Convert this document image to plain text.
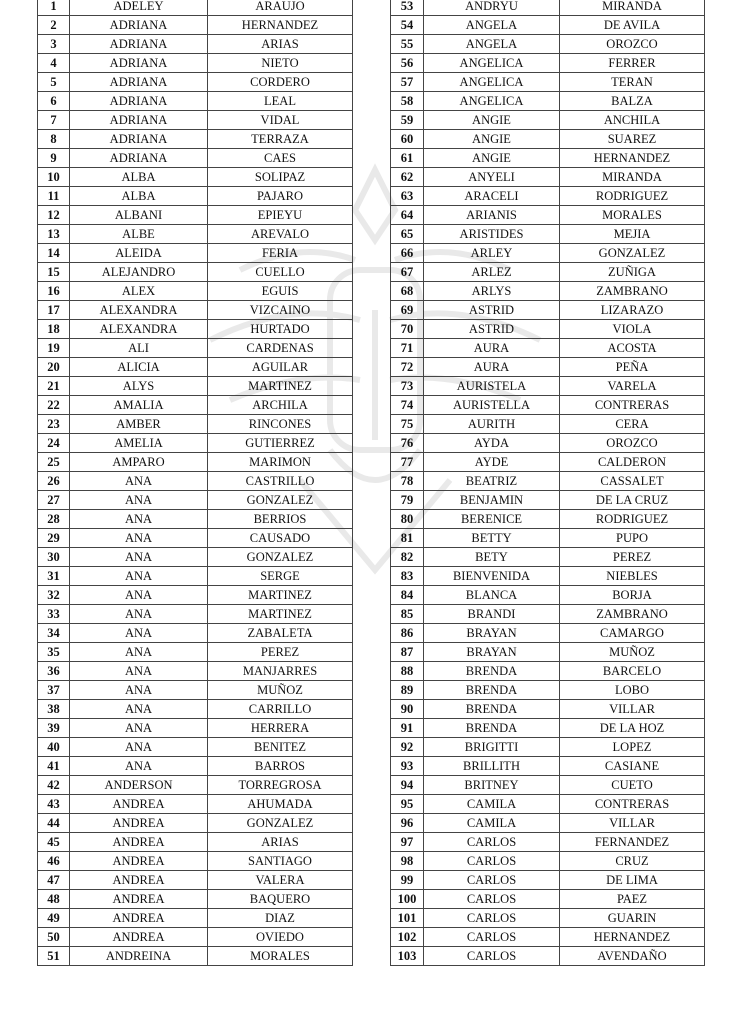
1	ADELEY	ARAUJO
2	ADRIANA	HERNANDEZ
3	ADRIANA	ARIAS
4	ADRIANA	NIETO
5	ADRIANA	CORDERO
6	ADRIANA	LEAL
7	ADRIANA	VIDAL
8	ADRIANA	TERRAZA
9	ADRIANA	CAES
10	ALBA	SOLIPAZ
11	ALBA	PAJARO
12	ALBANI	EPIEYU
13	ALBE	AREVALO
14	ALEIDA	FERIA
15	ALEJANDRO	CUELLO
16	ALEX	EGUIS
17	ALEXANDRA	VIZCAINO
18	ALEXANDRA	HURTADO
19	ALI	CARDENAS
20	ALICIA	AGUILAR
21	ALYS	MARTINEZ
22	AMALIA	ARCHILA
23	AMBER	RINCONES
24	AMELIA	GUTIERREZ
25	AMPARO	MARIMON
26	ANA	CASTRILLO
27	ANA	GONZALEZ
28	ANA	BERRIOS
29	ANA	CAUSADO
30	ANA	GONZALEZ
31	ANA	SERGE
32	ANA	MARTINEZ
33	ANA	MARTINEZ
34	ANA	ZABALETA
35	ANA	PEREZ
36	ANA	MANJARRES
37	ANA	MUÑOZ
38	ANA	CARRILLO
39	ANA	HERRERA
40	ANA	BENITEZ
41	ANA	BARROS
42	ANDERSON	TORREGROSA
43	ANDREA	AHUMADA
44	ANDREA	GONZALEZ
45	ANDREA	ARIAS
46	ANDREA	SANTIAGO
47	ANDREA	VALERA
48	ANDREA	BAQUERO
49	ANDREA	DIAZ
50	ANDREA	OVIEDO
51	ANDREINA	MORALES
53	ANDRYU	MIRANDA
54	ANGELA	DE AVILA
55	ANGELA	OROZCO
56	ANGELICA	FERRER
57	ANGELICA	TERAN
58	ANGELICA	BALZA
59	ANGIE	ANCHILA
60	ANGIE	SUAREZ
61	ANGIE	HERNANDEZ
62	ANYELI	MIRANDA
63	ARACELI	RODRIGUEZ
64	ARIANIS	MORALES
65	ARISTIDES	MEJIA
66	ARLEY	GONZALEZ
67	ARLEZ	ZUÑIGA
68	ARLYS	ZAMBRANO
69	ASTRID	LIZARAZO
70	ASTRID	VIOLA
71	AURA	ACOSTA
72	AURA	PEÑA
73	AURISTELA	VARELA
74	AURISTELLA	CONTRERAS
75	AURITH	CERA
76	AYDA	OROZCO
77	AYDE	CALDERON
78	BEATRIZ	CASSALET
79	BENJAMIN	DE LA CRUZ
80	BERENICE	RODRIGUEZ
81	BETTY	PUPO
82	BETY	PEREZ
83	BIENVENIDA	NIEBLES
84	BLANCA	BORJA
85	BRANDI	ZAMBRANO
86	BRAYAN	CAMARGO
87	BRAYAN	MUÑOZ
88	BRENDA	BARCELO
89	BRENDA	LOBO
90	BRENDA	VILLAR
91	BRENDA	DE LA HOZ
92	BRIGITTI	LOPEZ
93	BRILLITH	CASIANE
94	BRITNEY	CUETO
95	CAMILA	CONTRERAS
96	CAMILA	VILLAR
97	CARLOS	FERNANDEZ
98	CARLOS	CRUZ
99	CARLOS	DE LIMA
100	CARLOS	PAEZ
101	CARLOS	GUARIN
102	CARLOS	HERNANDEZ
103	CARLOS	AVENDAÑO
